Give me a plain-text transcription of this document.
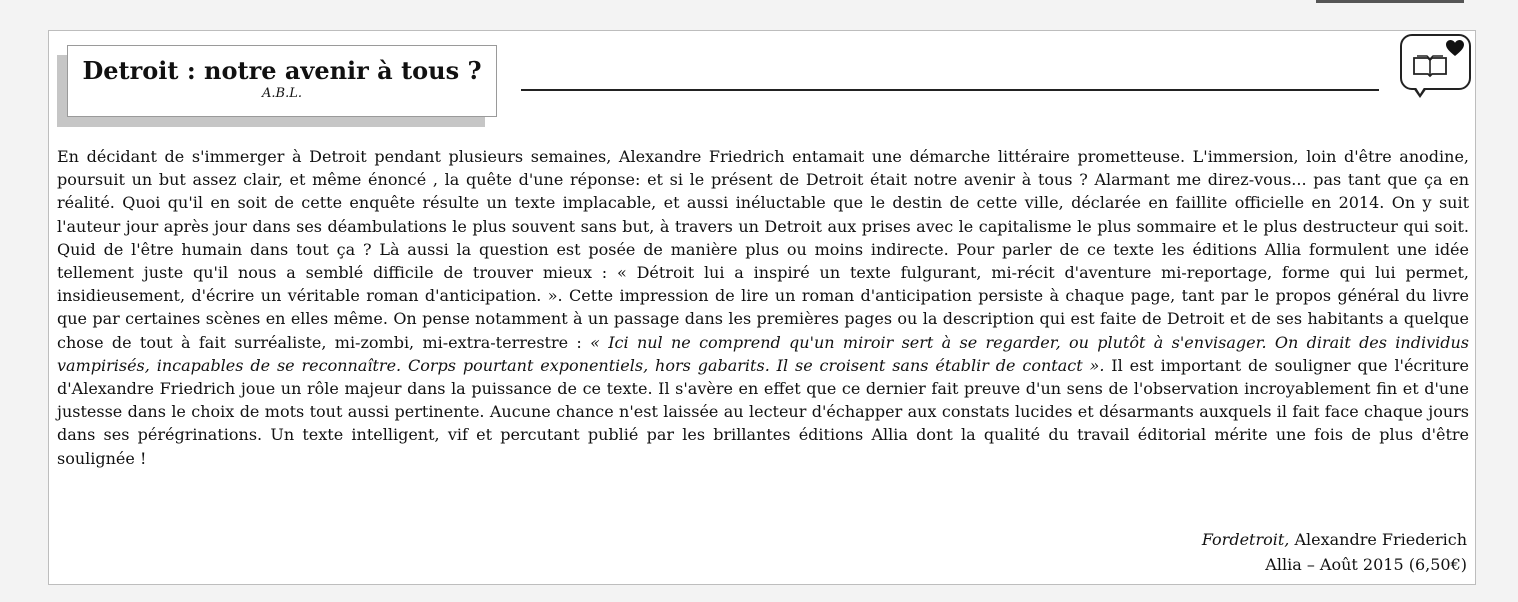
Detroit : notre avenir à tous ?
A.B.L.

En décidant de s'immerger à Detroit pendant plusieurs semaines, Alexandre Friedrich entamait une démarche littéraire prometteuse. L'immersion, loin d'être anodine, poursuit un but assez clair, et même énoncé , la quête d'une réponse: et si le présent de Detroit était notre avenir à tous ? Alarmant me direz-vous... pas tant que ça en réalité. Quoi qu'il en soit de cette enquête résulte un texte implacable, et aussi inéluctable que le destin de cette ville, déclarée en faillite officielle en 2014. On y suit l'auteur jour après jour dans ses déambulations le plus souvent sans but, à travers un Detroit aux prises avec le capitalisme le plus sommaire et le plus destructeur qui soit. Quid de l'être humain dans tout ça ? Là aussi la question est posée de manière plus ou moins indirecte. Pour parler de ce texte les éditions Allia formulent une idée tellement juste qu'il nous a semblé difficile de trouver mieux : « Détroit lui a inspiré un texte fulgurant, mi-récit d'aventure mi-reportage, forme qui lui permet, insidieusement, d'écrire un véritable roman d'anticipation. ». Cette impression de lire un roman d'anticipation persiste à chaque page, tant par le propos général du livre que par certaines scènes en elles même. On pense notamment à un passage dans les premières pages ou la description qui est faite de Detroit et de ses habitants a quelque chose de tout à fait surréaliste, mi-zombi, mi-extra-terrestre : « Ici nul ne comprend qu'un miroir sert à se regarder, ou plutôt à s'envisager. On dirait des individus vampirisés, incapables de se reconnaître. Corps pourtant exponentiels, hors gabarits. Il se croisent sans établir de contact ». Il est important de souligner que l'écriture d'Alexandre Friedrich joue un rôle majeur dans la puissance de ce texte. Il s'avère en effet que ce dernier fait preuve d'un sens de l'observation incroyablement fin et d'une justesse dans le choix de mots tout aussi pertinente. Aucune chance n'est laissée au lecteur d'échapper aux constats lucides et désarmants auxquels il fait face chaque jours dans ses pérégrinations. Un texte intelligent, vif et percutant publié par les brillantes éditions Allia dont la qualité du travail éditorial mérite une fois de plus d'être soulignée !

Fordetroit, Alexandre Friederich
Allia – Août 2015 (6,50€)
